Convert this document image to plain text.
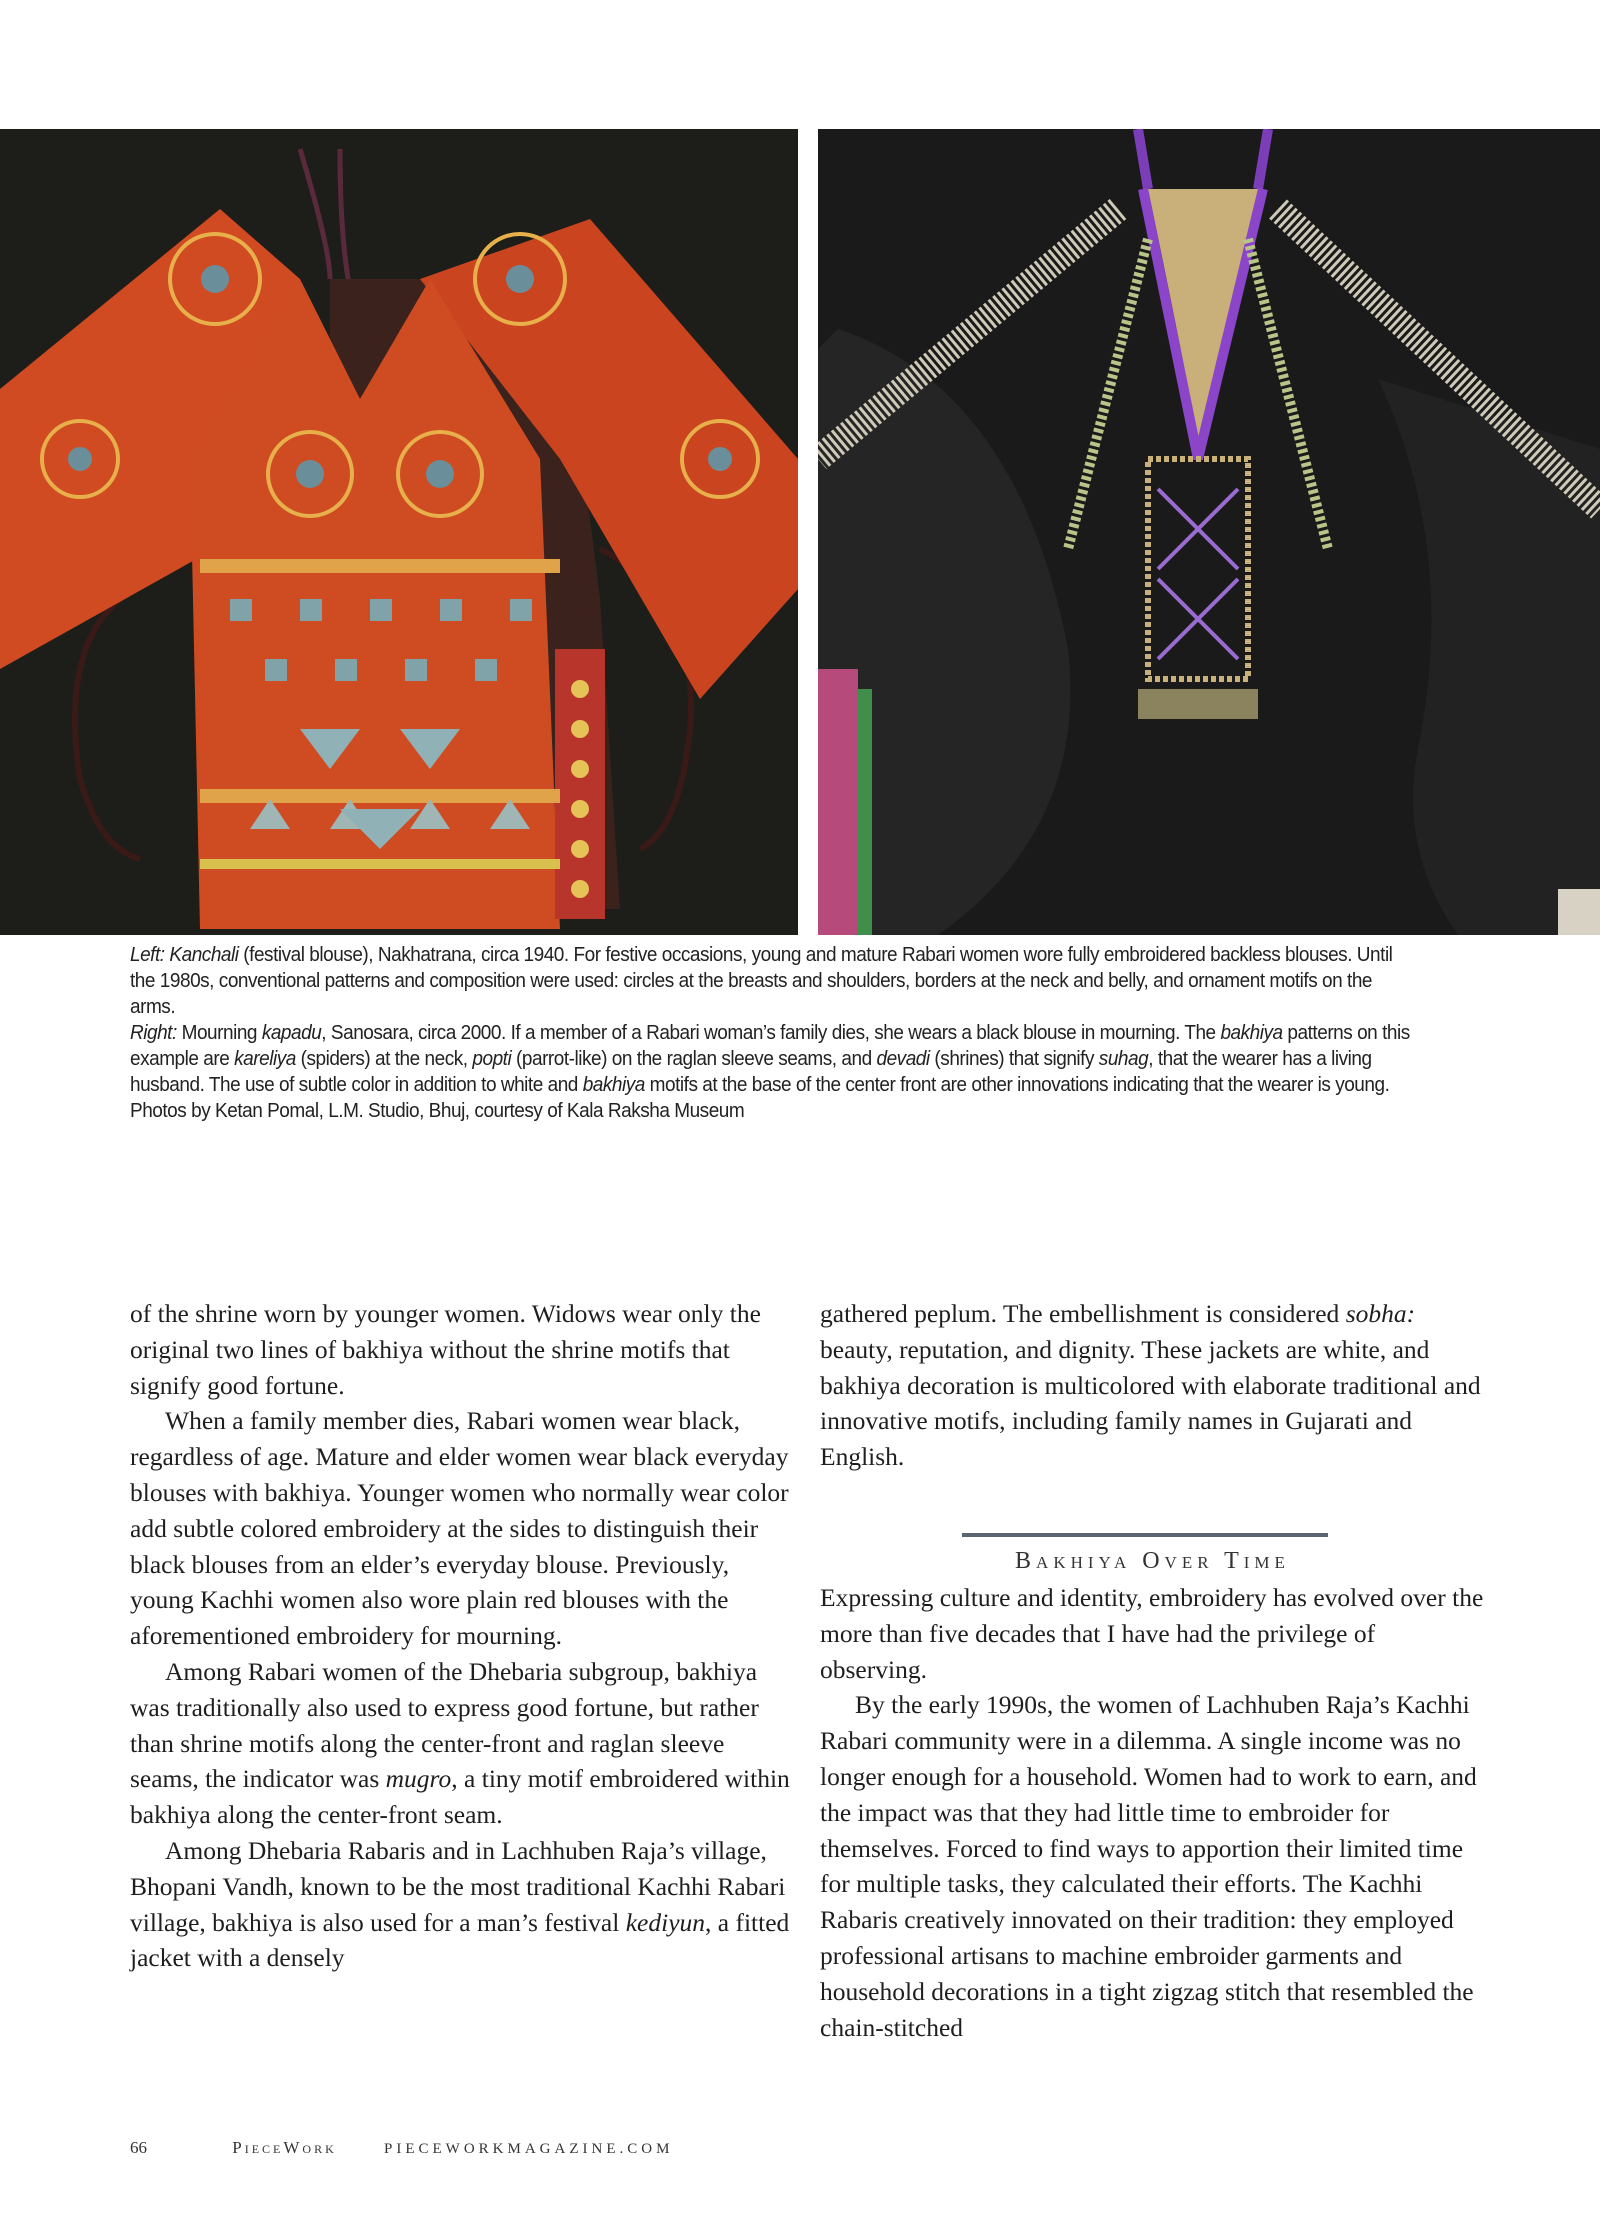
Left: Kanchali (festival blouse), Nakhatrana, circa 1940. For festive occasions, young and mature Rabari women wore fully embroidered backless blouses. Until the 1980s, conventional patterns and composition were used: circles at the breasts and shoulders, borders at the neck and belly, and ornament motifs on the arms.

Right: Mourning kapadu, Sanosara, circa 2000. If a member of a Rabari woman’s family dies, she wears a black blouse in mourning. The bakhiya patterns on this example are kareliya (spiders) at the neck, popti (parrot-like) on the raglan sleeve seams, and devadi (shrines) that signify suhag, that the wearer has a living husband. The use of subtle color in addition to white and bakhiya motifs at the base of the center front are other innovations indicating that the wearer is young. Photos by Ketan Pomal, L.M. Studio, Bhuj, courtesy of Kala Raksha Museum

of the shrine worn by younger women. Widows wear only the original two lines of bakhiya without the shrine motifs that signify good fortune.

When a family member dies, Rabari women wear black, regardless of age. Mature and elder women wear black everyday blouses with bakhiya. Younger women who normally wear color add subtle colored embroidery at the sides to distinguish their black blouses from an elder’s everyday blouse. Previously, young Kachhi women also wore plain red blouses with the aforementioned embroidery for mourning.

Among Rabari women of the Dhebaria subgroup, bakhiya was traditionally also used to express good fortune, but rather than shrine motifs along the center-front and raglan sleeve seams, the indicator was mugro, a tiny motif embroidered within bakhiya along the center-front seam.

Among Dhebaria Rabaris and in Lachhuben Raja’s village, Bhopani Vandh, known to be the most traditional Kachhi Rabari village, bakhiya is also used for a man’s festival kediyun, a fitted jacket with a densely

gathered peplum. The embellishment is considered sobha: beauty, reputation, and dignity. These jackets are white, and bakhiya decoration is multicolored with elaborate traditional and innovative motifs, including family names in Gujarati and English.

Bakhiya Over Time

Expressing culture and identity, embroidery has evolved over the more than five decades that I have had the privilege of observing.

By the early 1990s, the women of Lachhuben Raja’s Kachhi Rabari community were in a dilemma. A single income was no longer enough for a household. Women had to work to earn, and the impact was that they had little time to embroider for themselves. Forced to find ways to apportion their limited time for multiple tasks, they calculated their efforts. The Kachhi Rabaris creatively innovated on their tradition: they employed professional artisans to machine embroider garments and household decorations in a tight zigzag stitch that resembled the chain-stitched

66	PieceWork	PIECEWORKMAGAZINE.COM
